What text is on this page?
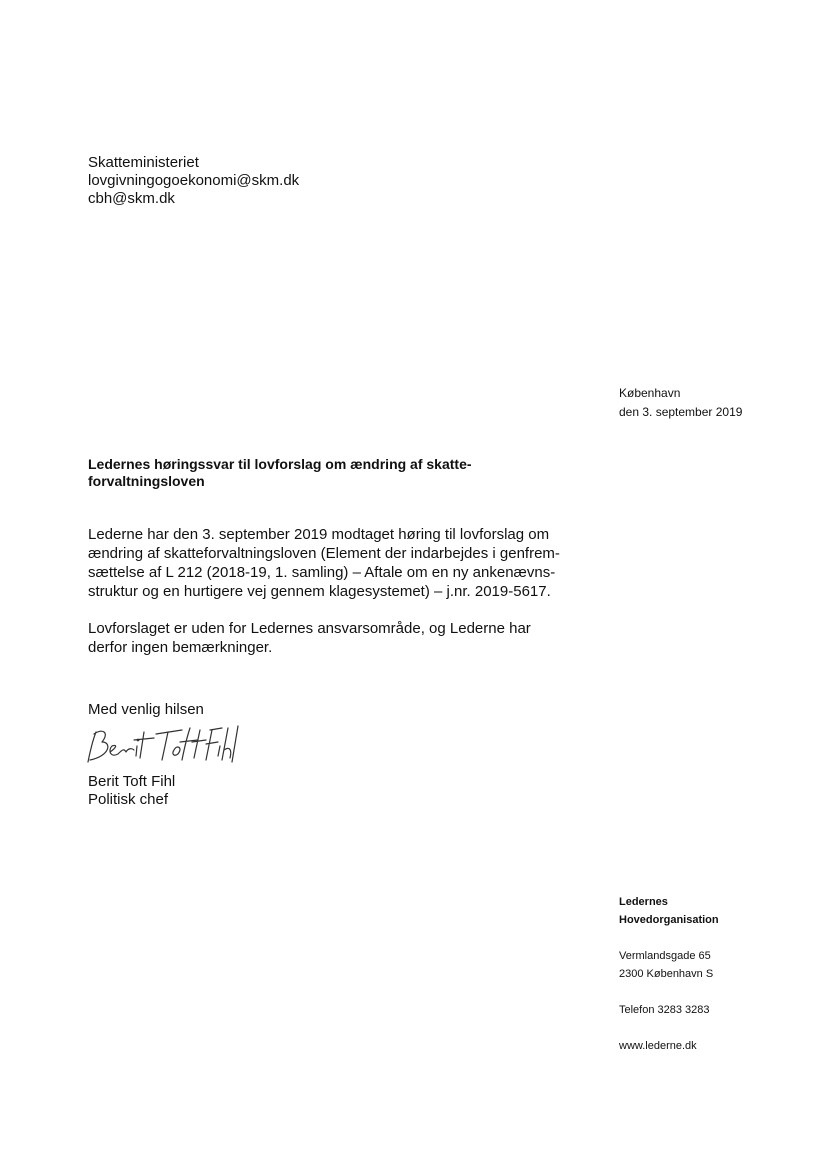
Skatteministeriet
lovgivningogoekonomi@skm.dk
cbh@skm.dk
København
den 3. september 2019
Ledernes høringssvar til lovforslag om ændring af skatte-
forvaltningsloven

Lederne har den 3. september 2019 modtaget høring til lovforslag om
ændring af skatteforvaltningsloven (Element der indarbejdes i genfrem-
sættelse af L 212 (2018-19, 1. samling) – Aftale om en ny ankenævns-
struktur og en hurtigere vej gennem klagesystemet) – j.nr. 2019-5617.

Lovforslaget er uden for Ledernes ansvarsområde, og Lederne har
derfor ingen bemærkninger.

Med venlig hilsen
Berit Toft Fihl
Politisk chef
Ledernes
Hovedorganisation
Vermlandsgade 65
2300 København S
Telefon 3283 3283
www.lederne.dk
